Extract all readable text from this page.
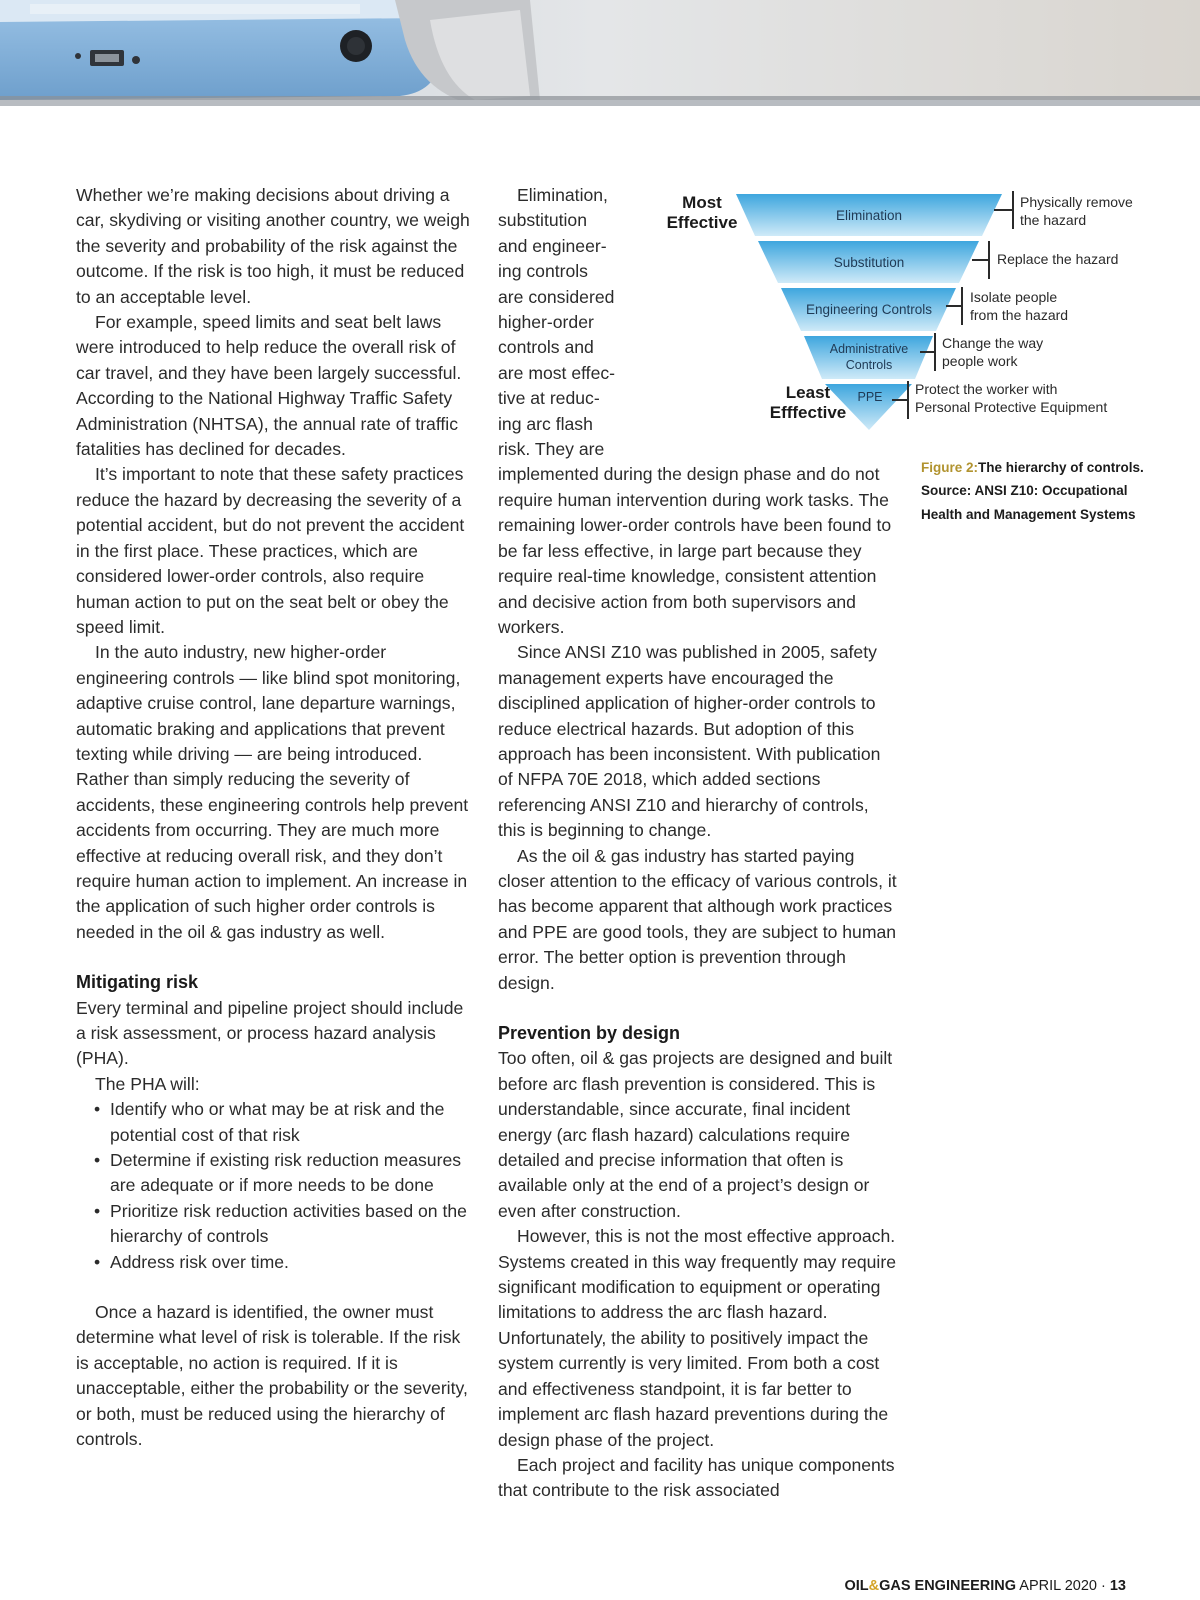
Whether we’re making decisions about driving a car, skydiving or visiting another country, we weigh the severity and probability of the risk against the outcome. If the risk is too high, it must be reduced to an acceptable level.

For example, speed limits and seat belt laws were introduced to help reduce the overall risk of car travel, and they have been largely successful. According to the National Highway Traffic Safety Administration (NHTSA), the annual rate of traffic fatalities has declined for decades.

It’s important to note that these safety practices reduce the hazard by decreasing the severity of a potential accident, but do not prevent the accident in the first place. These practices, which are considered lower-order controls, also require human action to put on the seat belt or obey the speed limit.

In the auto industry, new higher-order engineering controls — like blind spot monitoring, adaptive cruise control, lane departure warnings, automatic braking and applications that prevent texting while driving — are being introduced. Rather than simply reducing the severity of accidents, these engineering controls help prevent accidents from occurring. They are much more effective at reducing overall risk, and they don’t require human action to implement. An increase in the application of such higher order controls is needed in the oil & gas industry as well.

Mitigating risk

Every terminal and pipeline project should include a risk assessment, or process hazard analysis (PHA).

The PHA will:

• Identify who or what may be at risk and the potential cost of that risk
• Determine if existing risk reduction measures are adequate or if more needs to be done
• Prioritize risk reduction activities based on the hierarchy of controls
• Address risk over time.

Once a hazard is identified, the owner must determine what level of risk is tolerable. If the risk is acceptable, no action is required. If it is unacceptable, either the probability or the severity, or both, must be reduced using the hierarchy of controls.

Elimination,
substitution
and engineer-
ing controls
are considered
higher-order
controls and
are most effec-
tive at reduc-
ing arc flash
risk. They are

implemented during the design phase and do not require human intervention during work tasks. The remaining lower-order controls have been found to be far less effective, in large part because they require real-time knowledge, consistent attention and decisive action from both supervisors and workers.

Since ANSI Z10 was published in 2005, safety management experts have encouraged the disciplined application of higher-order controls to reduce electrical hazards. But adoption of this approach has been inconsistent. With publication of NFPA 70E 2018, which added sections referencing ANSI Z10 and hierarchy of controls, this is beginning to change.

As the oil & gas industry has started paying closer attention to the efficacy of various controls, it has become apparent that although work practices and PPE are good tools, they are subject to human error. The better option is prevention through design.

Prevention by design

Too often, oil & gas projects are designed and built before arc flash prevention is considered. This is understandable, since accurate, final incident energy (arc flash hazard) calculations require detailed and precise information that often is available only at the end of a project’s design or even after construction.

However, this is not the most effective approach. Systems created in this way frequently may require significant modification to equipment or operating limitations to address the arc flash hazard. Unfortunately, the ability to positively impact the system currently is very limited. From both a cost and effectiveness standpoint, it is far better to implement arc flash hazard preventions during the design phase of the project.

Each project and facility has unique components that contribute to the risk associated

Most
Effective
Least
Efffective
Elimination
Substitution
Engineering Controls
Administrative
Controls
PPE
Physically remove
the hazard
Replace the hazard
Isolate people
from the hazard
Change the way
people work
Protect the worker with
Personal Protective Equipment
Figure 2:The hierarchy of controls. Source: ANSI Z10: Occupational Health and Management Systems
OIL&GAS ENGINEERING APRIL 2020 · 13
